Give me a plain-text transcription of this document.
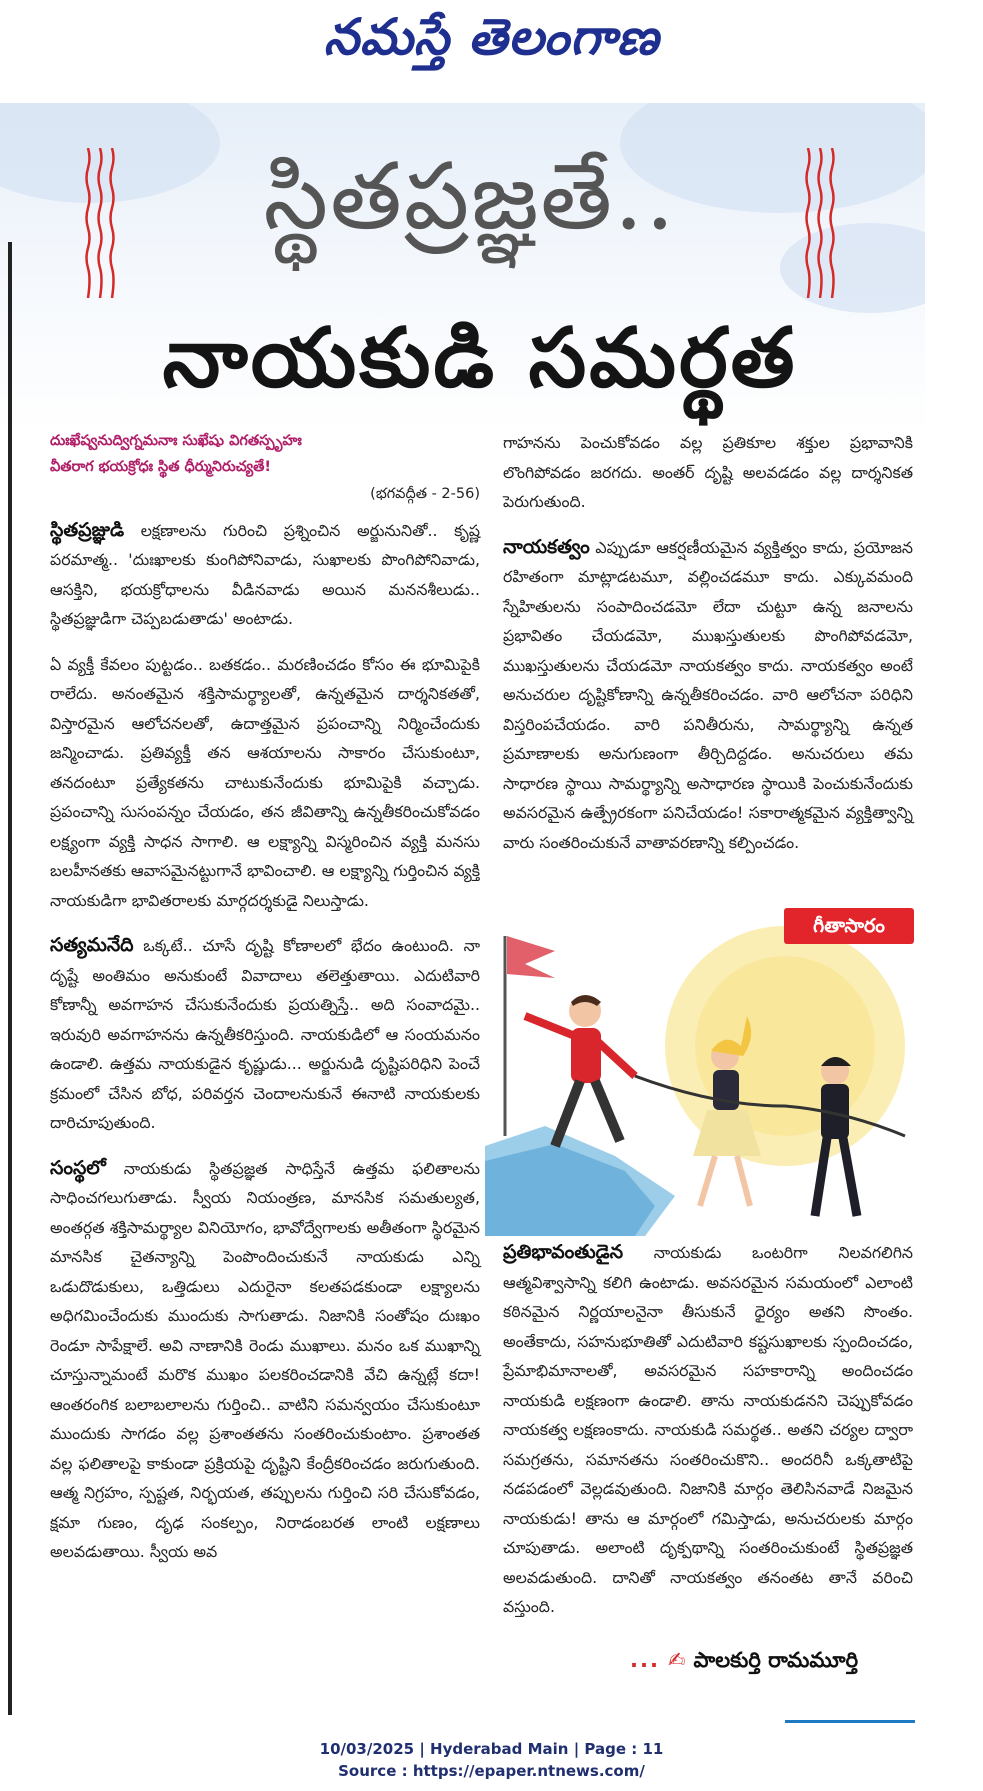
నమస్తే తెలంగాణ
స్థితప్రజ్ఞతే..
నాయకుడి సమర్థత
దుఃఖేష్వనుద్విగ్నమనాః సుఖేషు విగతస్పృహః
వీతరాగ భయక్రోధః స్థిత ధీర్మునిరుచ్యతే!
(భగవద్గీత - 2-56)

స్థితప్రజ్ఞుడి లక్షణాలను గురించి ప్రశ్నించిన అర్జునునితో.. కృష్ణ పరమాత్మ.. 'దుఃఖాలకు కుంగిపోనివాడు, సుఖాలకు పొంగిపోనివాడు, ఆసక్తిని, భయక్రోధాలను వీడినవాడు అయిన మననశీలుడు.. స్థితప్రజ్ఞుడిగా చెప్పబడుతాడు' అంటాడు.

ఏ వ్యక్తీ కేవలం పుట్టడం.. బతకడం.. మరణించడం కోసం ఈ భూమిపైకి రాలేదు. అనంతమైన శక్తిసామర్థ్యాలతో, ఉన్నతమైన దార్శనికతతో, విస్తారమైన ఆలోచనలతో, ఉదాత్తమైన ప్రపంచాన్ని నిర్మించేందుకు జన్మించాడు. ప్రతివ్యక్తీ తన ఆశయాలను సాకారం చేసుకుంటూ, తనదంటూ ప్రత్యేకతను చాటుకునేందుకు భూమిపైకి వచ్చాడు. ప్రపంచాన్ని సుసంపన్నం చేయడం, తన జీవితాన్ని ఉన్నతీకరించుకోవడం లక్ష్యంగా వ్యక్తి సాధన సాగాలి. ఆ లక్ష్యాన్ని విస్మరించిన వ్యక్తి మనసు బలహీనతకు ఆవాసమైనట్టుగానే భావించాలి. ఆ లక్ష్యాన్ని గుర్తించిన వ్యక్తి నాయకుడిగా భావితరాలకు మార్గదర్శకుడై నిలుస్తాడు.

సత్యమనేది ఒక్కటే.. చూసే దృష్టి కోణాలలో భేదం ఉంటుంది. నా దృష్టే అంతిమం అనుకుంటే వివాదాలు తలెత్తుతాయి. ఎదుటివారి కోణాన్నీ అవగాహన చేసుకునేందుకు ప్రయత్నిస్తే.. అది సంవాదమై.. ఇరువురి అవగాహనను ఉన్నతీకరిస్తుంది. నాయకుడిలో ఆ సంయమనం ఉండాలి. ఉత్తమ నాయకుడైన కృష్ణుడు... అర్జునుడి దృష్టిపరిధిని పెంచే క్రమంలో చేసిన బోధ, పరివర్తన చెందాలనుకునే ఈనాటి నాయకులకు దారిచూపుతుంది.

సంస్థలో నాయకుడు స్థితప్రజ్ఞత సాధిస్తేనే ఉత్తమ ఫలితాలను సాధించగలుగుతాడు. స్వీయ నియంత్రణ, మానసిక సమతుల్యత, అంతర్గత శక్తిసామర్థ్యాల వినియోగం, భావోద్వేగాలకు అతీతంగా స్థిరమైన మానసిక చైతన్యాన్ని పెంపొందించుకునే నాయకుడు ఎన్ని ఒడుదొడుకులు, ఒత్తిడులు ఎదురైనా కలతపడకుండా లక్ష్యాలను అధిగమించేందుకు ముందుకు సాగుతాడు. నిజానికి సంతోషం దుఃఖం రెండూ సాపేక్షాలే. అవి నాణానికి రెండు ముఖాలు. మనం ఒక ముఖాన్ని చూస్తున్నామంటే మరొక ముఖం పలకరించడానికి వేచి ఉన్నట్లే కదా! ఆంతరంగిక బలాబలాలను గుర్తించి.. వాటిని సమన్వయం చేసుకుంటూ ముందుకు సాగడం వల్ల ప్రశాంతతను సంతరించుకుంటాం. ప్రశాంతత వల్ల ఫలితాలపై కాకుండా ప్రక్రియపై దృష్టిని కేంద్రీకరించడం జరుగుతుంది. ఆత్మ నిగ్రహం, స్పష్టత, నిర్భయత, తప్పులను గుర్తించి సరి చేసుకోవడం, క్షమా గుణం, దృఢ సంకల్పం, నిరాడంబరత లాంటి లక్షణాలు అలవడుతాయి. స్వీయ అవ

గాహనను పెంచుకోవడం వల్ల ప్రతికూల శక్తుల ప్రభావానికి లొంగిపోవడం జరగదు. అంతర్ దృష్టి అలవడడం వల్ల దార్శనికత పెరుగుతుంది.

నాయకత్వం ఎప్పుడూ ఆకర్షణీయమైన వ్యక్తిత్వం కాదు, ప్రయోజన రహితంగా మాట్లాడటమూ, వల్లించడమూ కాదు. ఎక్కువమంది స్నేహితులను సంపాదించడమో లేదా చుట్టూ ఉన్న జనాలను ప్రభావితం చేయడమో, ముఖస్తుతులకు పొంగిపోవడమో, ముఖస్తుతులను చేయడమో నాయకత్వం కాదు. నాయకత్వం అంటే అనుచరుల దృష్టికోణాన్ని ఉన్నతీకరించడం. వారి ఆలోచనా పరిధిని విస్తరింపచేయడం. వారి పనితీరును, సామర్థ్యాన్ని ఉన్నత ప్రమాణాలకు అనుగుణంగా తీర్చిదిద్దడం. అనుచరులు తమ సాధారణ స్థాయి సామర్థ్యాన్ని అసాధారణ స్థాయికి పెంచుకునేందుకు అవసరమైన ఉత్ప్రేరకంగా పనిచేయడం! సకారాత్మకమైన వ్యక్తిత్వాన్ని వారు సంతరించుకునే వాతావరణాన్ని కల్పించడం.

గీతాసారం

ప్రతిభావంతుడైన నాయకుడు ఒంటరిగా నిలవగలిగిన ఆత్మవిశ్వాసాన్ని కలిగి ఉంటాడు. అవసరమైన సమయంలో ఎలాంటి కఠినమైన నిర్ణయాలనైనా తీసుకునే ధైర్యం అతని సొంతం. అంతేకాదు, సహనుభూతితో ఎదుటివారి కష్టసుఖాలకు స్పందించడం, ప్రేమాభిమానాలతో, అవసరమైన సహకారాన్ని అందించడం నాయకుడి లక్షణంగా ఉండాలి. తాను నాయకుడనని చెప్పుకోవడం నాయకత్వ లక్షణంకాదు. నాయకుడి సమర్థత.. అతని చర్యల ద్వారా సమగ్రతను, సమానతను సంతరించుకొని.. అందరినీ ఒక్కతాటిపై నడపడంలో వెల్లడవుతుంది. నిజానికి మార్గం తెలిసినవాడే నిజమైన నాయకుడు! తాను ఆ మార్గంలో గమిస్తాడు, అనుచరులకు మార్గం చూపుతాడు. అలాంటి దృక్పథాన్ని సంతరించుకుంటే స్థితప్రజ్ఞత అలవడుతుంది. దానితో నాయకత్వం తనంతట తానే వరించి వస్తుంది.

... ✍ పాలకుర్తి రామమూర్తి
10/03/2025 | Hyderabad Main | Page : 11
Source : https://epaper.ntnews.com/
